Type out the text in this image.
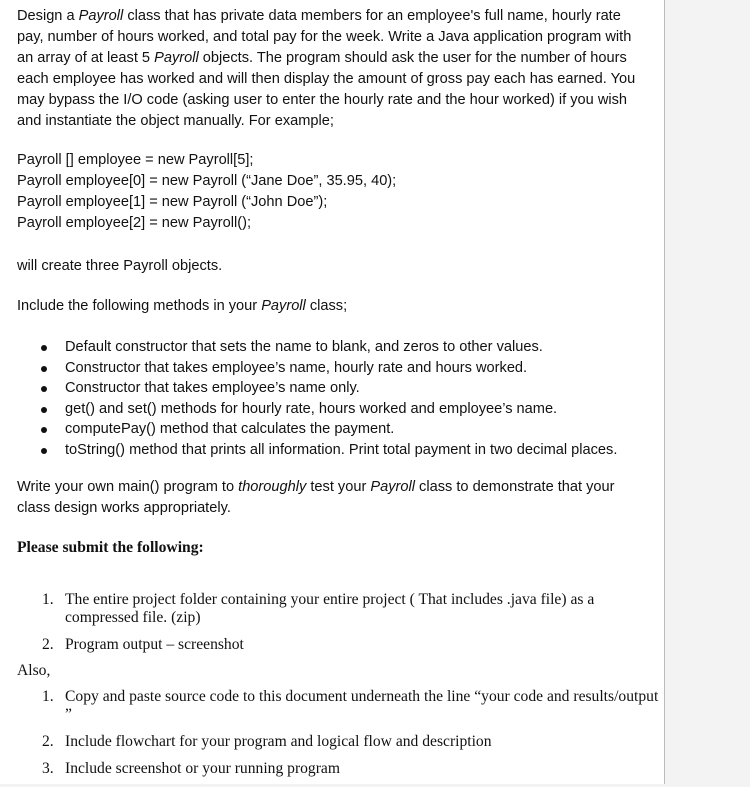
Design a Payroll class that has private data members for an employee's full name, hourly rate pay, number of hours worked, and total pay for the week. Write a Java application program with an array of at least 5 Payroll objects. The program should ask the user for the number of hours each employee has worked and will then display the amount of gross pay each has earned. You may bypass the I/O code (asking user to enter the hourly rate and the hour worked) if you wish and instantiate the object manually. For example;

Payroll [] employee = new Payroll[5];
Payroll employee[0] = new Payroll (“Jane Doe”, 35.95, 40);
Payroll employee[1] = new Payroll (“John Doe”);
Payroll employee[2] = new Payroll();

will create three Payroll objects.

Include the following methods in your Payroll class;

Default constructor that sets the name to blank, and zeros to other values.
Constructor that takes employee’s name, hourly rate and hours worked.
Constructor that takes employee’s name only.
get() and set() methods for hourly rate, hours worked and employee’s name.
computePay() method that calculates the payment.
toString() method that prints all information. Print total payment in two decimal places.

Write your own main() program to thoroughly test your Payroll class to demonstrate that your class design works appropriately.

Please submit the following:

1. The entire project folder containing your entire project ( That includes .java file) as a compressed file. (zip)
2. Program output – screenshot

Also,

1. Copy and paste source code to this document underneath the line “your code and results/output ”
2. Include flowchart for your program and logical flow and description
3. Include screenshot or your running program
